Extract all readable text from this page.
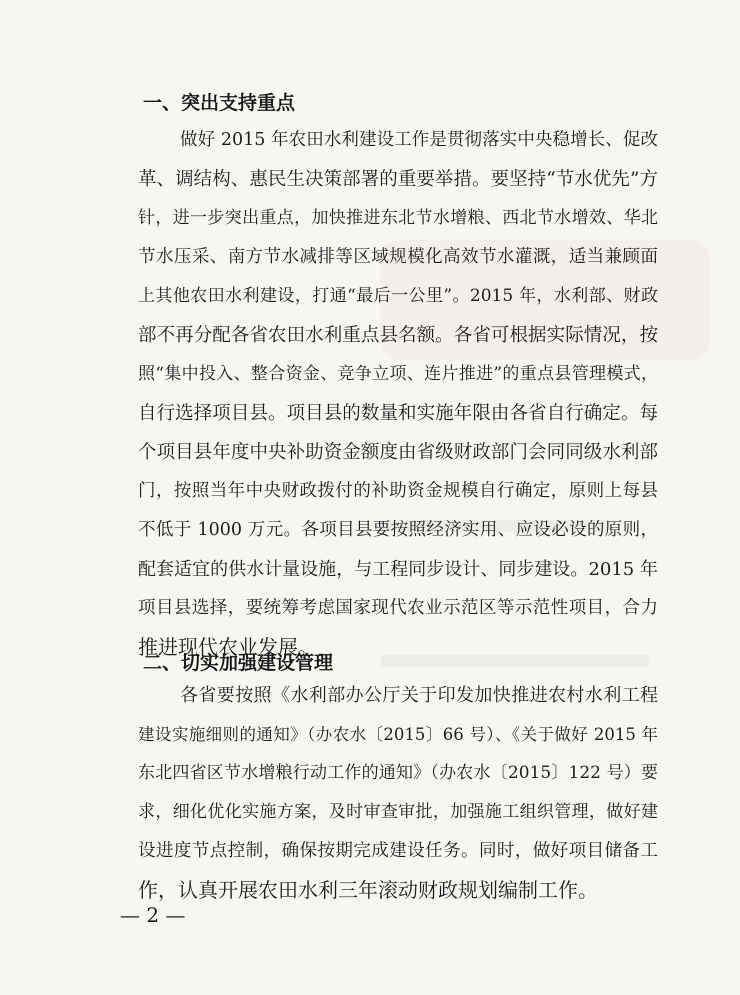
一、突出支持重点
做好 2015 年农田水利建设工作是贯彻落实中央稳增长、促改
革、调结构、惠民生决策部署的重要举措。要坚持“节水优先”方
针，进一步突出重点，加快推进东北节水增粮、西北节水增效、华北
节水压采、南方节水减排等区域规模化高效节水灌溉，适当兼顾面
上其他农田水利建设，打通“最后一公里”。2015 年，水利部、财政
部不再分配各省农田水利重点县名额。各省可根据实际情况，按
照“集中投入、整合资金、竞争立项、连片推进”的重点县管理模式，
自行选择项目县。项目县的数量和实施年限由各省自行确定。每
个项目县年度中央补助资金额度由省级财政部门会同同级水利部
门，按照当年中央财政拨付的补助资金规模自行确定，原则上每县
不低于 1000 万元。各项目县要按照经济实用、应设必设的原则，
配套适宜的供水计量设施，与工程同步设计、同步建设。2015 年
项目县选择，要统筹考虑国家现代农业示范区等示范性项目，合力
推进现代农业发展。
二、切实加强建设管理
各省要按照《水利部办公厅关于印发加快推进农村水利工程
建设实施细则的通知》（办农水〔2015〕66 号）、《关于做好 2015 年
东北四省区节水增粮行动工作的通知》（办农水〔2015〕122 号）要
求，细化优化实施方案，及时审查审批，加强施工组织管理，做好建
设进度节点控制，确保按期完成建设任务。同时，做好项目储备工
作，认真开展农田水利三年滚动财政规划编制工作。
— 2 —
